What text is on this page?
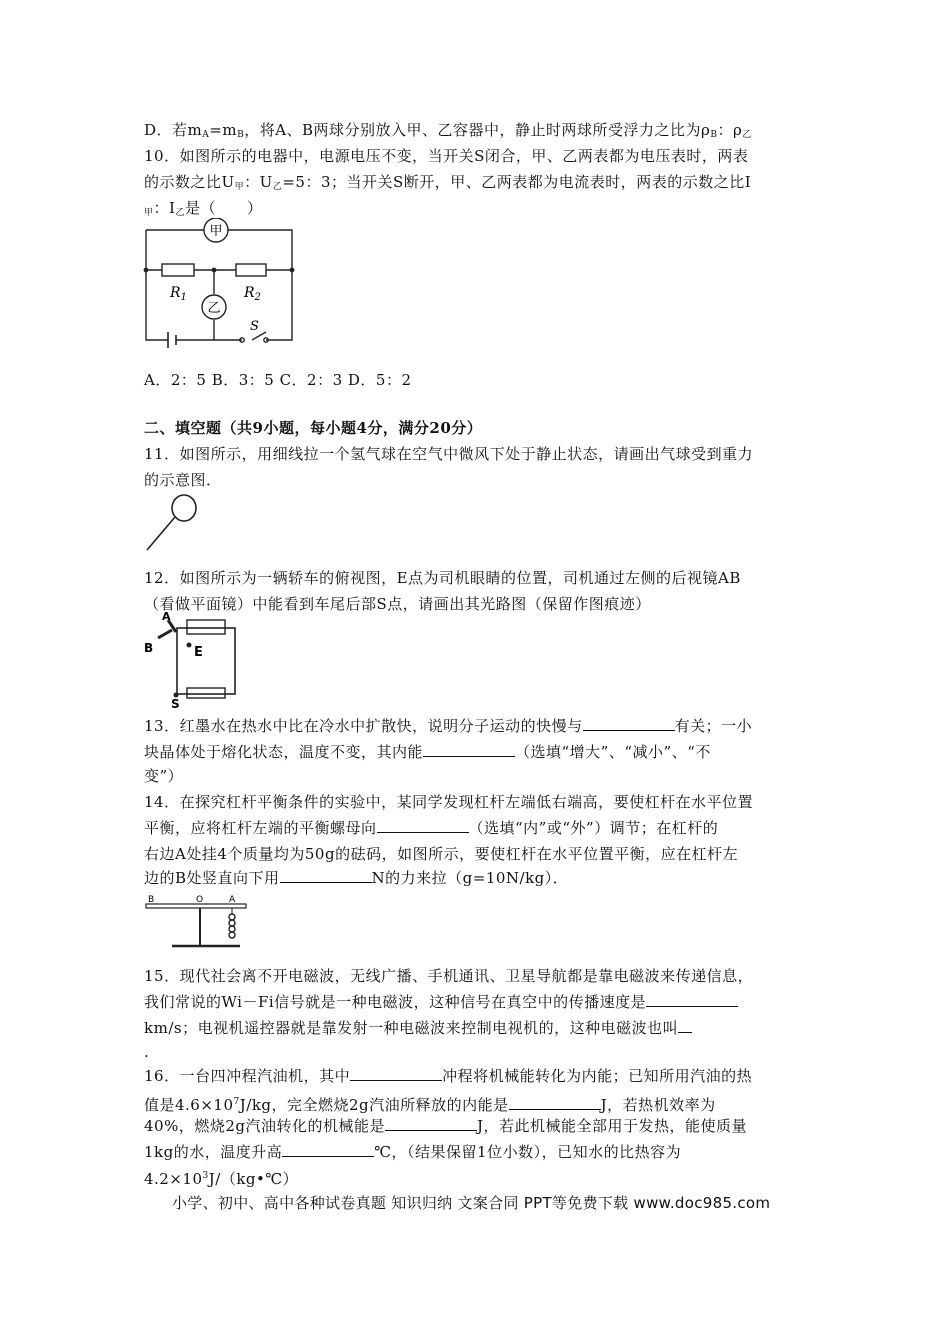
D．若$m_A=m_B$，将A、B两球分别放入甲、乙容器中，静止时两球所受浮力之比为$\rho_B$：$\rho_乙$
10．如图所示的电器中，电源电压不变，当开关S闭合，甲、乙两表都为电压表时，两表
的示数之比$U_甲$：$U_乙=5$：3；当开关S断开，甲、乙两表都为电流表时，两表的示数之比I
$_甲$：$I_乙$是（　　）
甲
乙
$R_1$	$R_2$
S
A．2：5 B．3：5 C．2：3 D．5：2
二、填空题（共9小题，每小题4分，满分20分）
11．如图所示，用细线拉一个氢气球在空气中微风下处于静止状态，请画出气球受到重力
的示意图．
12．如图所示为一辆轿车的俯视图，E点为司机眼睛的位置，司机通过左侧的后视镜AB
（看做平面镜）中能看到车尾后部S点，请画出其光路图（保留作图痕迹）
A
B	E
S
13．红墨水在热水中比在冷水中扩散快，说明分子运动的快慢与	有关；一小
块晶体处于熔化状态，温度不变，其内能	（选填“增大”、“减小”、“不
变”）
14．在探究杠杆平衡条件的实验中，某同学发现杠杆左端低右端高，要使杠杆在水平位置
平衡，应将杠杆左端的平衡螺母向	（选填“内”或“外”）调节；在杠杆的
右边A处挂4个质量均为50g的砝码，如图所示，要使杠杆在水平位置平衡，应在杠杆左
边的B处竖直向下用	N的力来拉（g=10N/kg）．
B	O	A
15．现代社会离不开电磁波，无线广播、手机通讯、卫星导航都是靠电磁波来传递信息，
我们常说的Wi－Fi信号就是一种电磁波，这种信号在真空中的传播速度是
km/s；电视机遥控器就是靠发射一种电磁波来控制电视机的，这种电磁波也叫
.
16．一台四冲程汽油机，其中	冲程将机械能转化为内能；已知所用汽油的热
值是$4.6\times 10^7J/kg$，完全燃烧2g汽油所释放的内能是	J，若热机效率为
40%，燃烧2g汽油转化的机械能是	J，若此机械能全部用于发热，能使质量
1kg的水，温度升高	℃，（结果保留1位小数），已知水的比热容为
$4.2\times 10^3J/(kg•℃)$
小学、初中、高中各种试卷真题 知识归纳 文案合同 PPT等免费下载 www.doc985.com
